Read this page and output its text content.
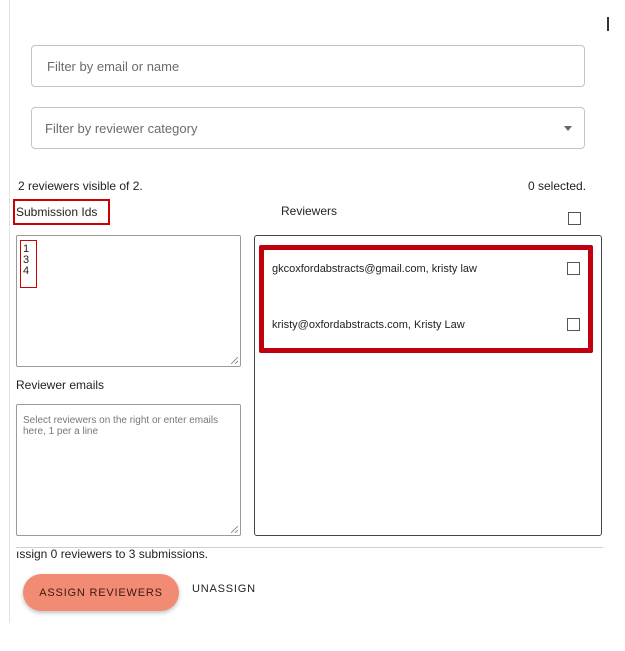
Filter by email or name
Filter by reviewer category
2 reviewers visible of 2.	0 selected.
Submission Ids	Reviewers
1
3
4
Reviewer emails
Select reviewers on the right or enter emails here, 1 per a line
gkcoxfordabstracts@gmail.com, kristy law
kristy@oxfordabstracts.com, Kristy Law
ıssign 0 reviewers to 3 submissions.
ASSIGN REVIEWERS	UNASSIGN
